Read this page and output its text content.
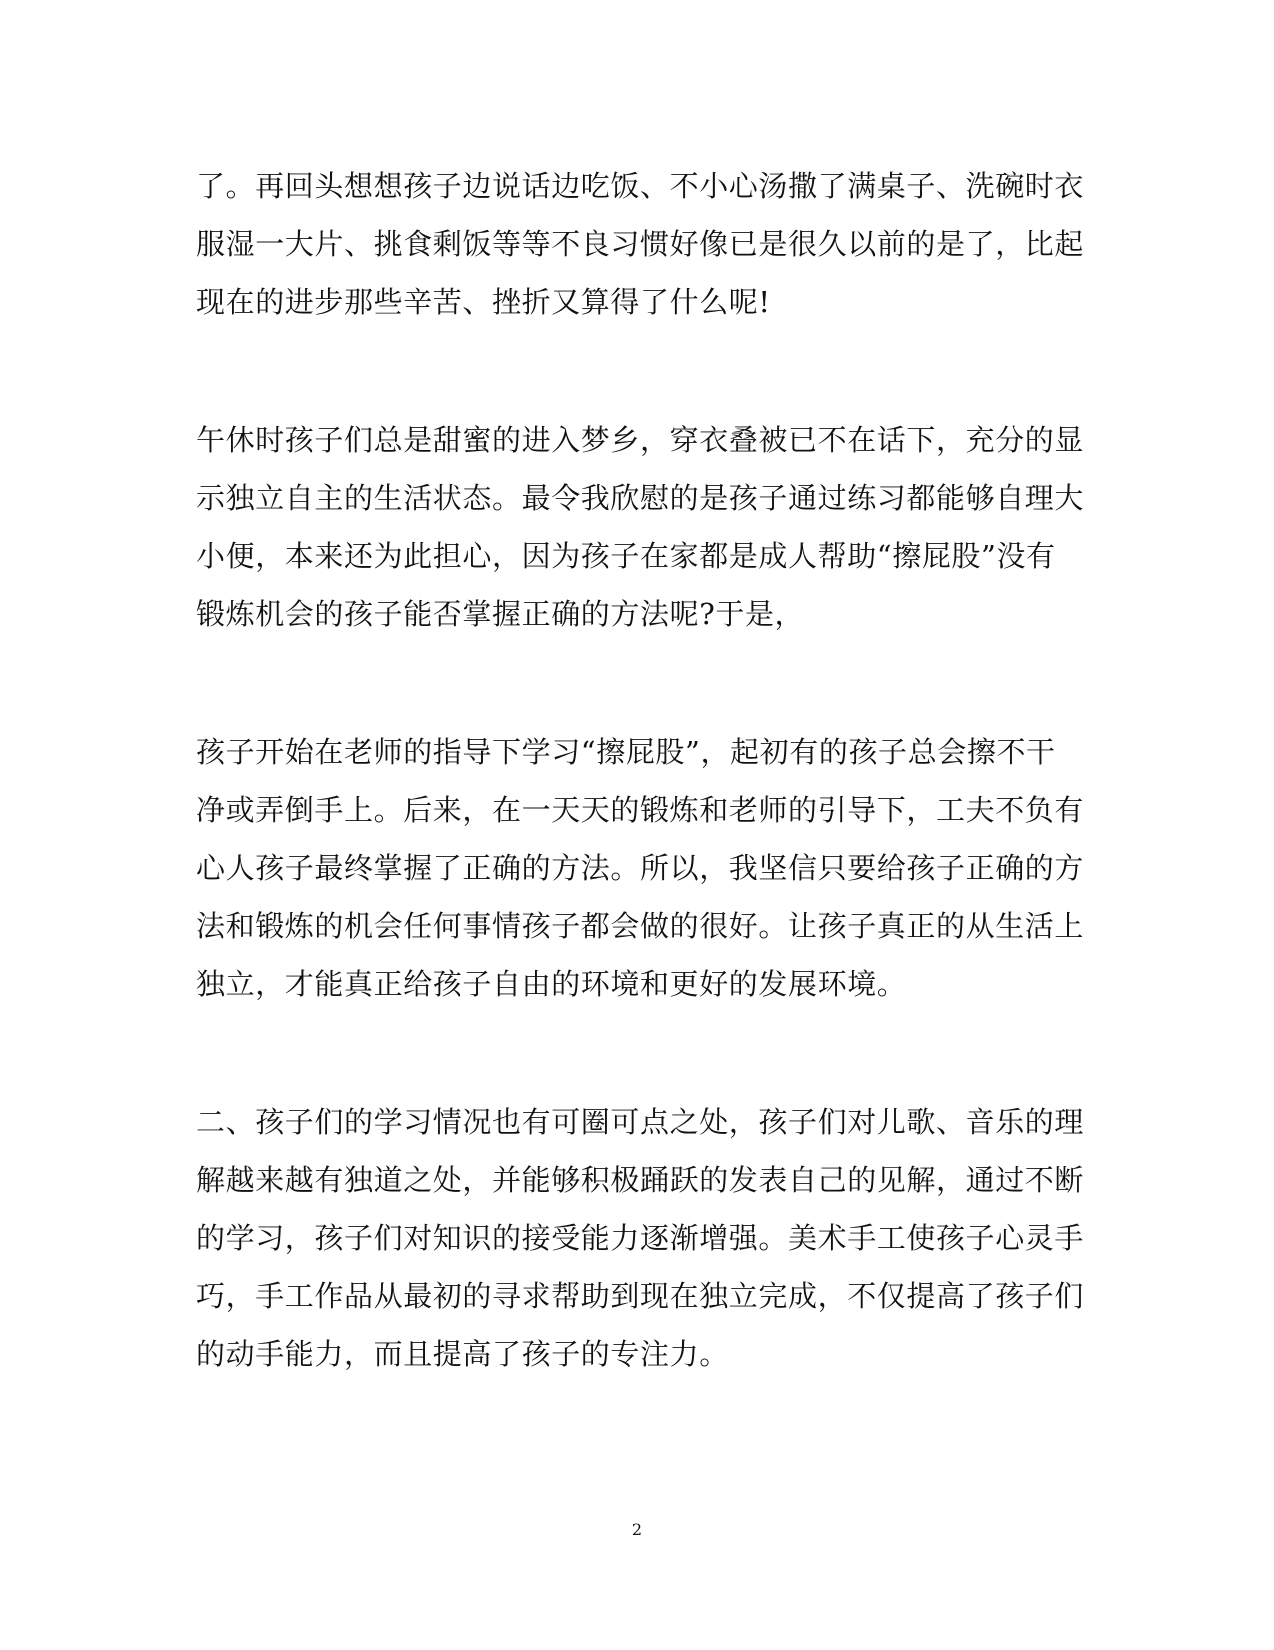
了。再回头想想孩子边说话边吃饭、不小心汤撒了满桌子、洗碗时衣
服湿一大片、挑食剩饭等等不良习惯好像已是很久以前的是了，比起
现在的进步那些辛苦、挫折又算得了什么呢!
午休时孩子们总是甜蜜的进入梦乡，穿衣叠被已不在话下，充分的显
示独立自主的生活状态。最令我欣慰的是孩子通过练习都能够自理大
小便，本来还为此担心，因为孩子在家都是成人帮助“擦屁股”没有
锻炼机会的孩子能否掌握正确的方法呢?于是，
孩子开始在老师的指导下学习“擦屁股”，起初有的孩子总会擦不干
净或弄倒手上。后来，在一天天的锻炼和老师的引导下，工夫不负有
心人孩子最终掌握了正确的方法。所以，我坚信只要给孩子正确的方
法和锻炼的机会任何事情孩子都会做的很好。让孩子真正的从生活上
独立，才能真正给孩子自由的环境和更好的发展环境。
二、孩子们的学习情况也有可圈可点之处，孩子们对儿歌、音乐的理
解越来越有独道之处，并能够积极踊跃的发表自己的见解，通过不断
的学习，孩子们对知识的接受能力逐渐增强。美术手工使孩子心灵手
巧，手工作品从最初的寻求帮助到现在独立完成，不仅提高了孩子们
的动手能力，而且提高了孩子的专注力。
2
